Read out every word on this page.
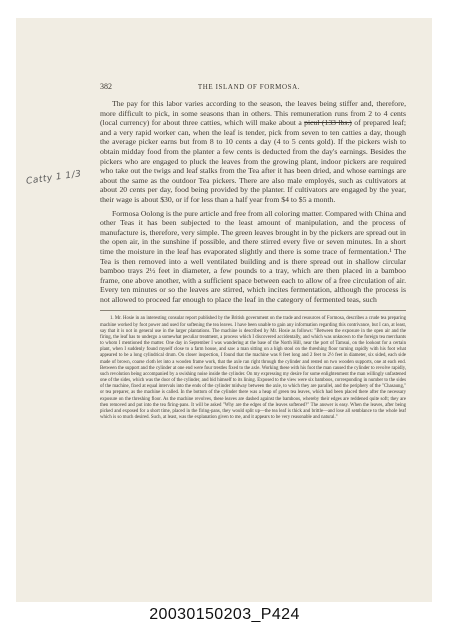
Catty 1 1/3
382	THE ISLAND OF FORMOSA.

The pay for this labor varies according to the season, the leaves being stiffer and, therefore, more difficult to pick, in some seasons than in others. This remuneration runs from 2 to 4 cents (local currency) for about three catties, which will make about a picul (133 lbs.) of prepared leaf; and a very rapid worker can, when the leaf is tender, pick from seven to ten catties a day, though the average picker earns but from 8 to 10 cents a day (4 to 5 cents gold). If the pickers wish to obtain midday food from the planter a few cents is deducted from the day's earnings. Besides the pickers who are engaged to pluck the leaves from the growing plant, indoor pickers are required who take out the twigs and leaf stalks from the Tea after it has been dried, and whose earnings are about the same as the outdoor Tea pickers. There are also male employés, such as cultivators at about 20 cents per day, food being provided by the planter. If cultivators are engaged by the year, their wage is about $30, or if for less than a half year from $4 to $5 a month.

Formosa Oolong is the pure article and free from all coloring matter. Compared with China and other Teas it has been subjected to the least amount of manipulation, and the process of manufacture is, therefore, very simple. The green leaves brought in by the pickers are spread out in the open air, in the sunshine if possible, and there stirred every five or seven minutes. In a short time the moisture in the leaf has evaporated slightly and there is some trace of fermentation.¹ The Tea is then removed into a well ventilated building and is there spread out in shallow circular bamboo trays 2½ feet in diameter, a few pounds to a tray, which are then placed in a bamboo frame, one above another, with a sufficient space between each to allow of a free circulation of air. Every ten minutes or so the leaves are stirred, which incites fermentation, although the process is not allowed to proceed far enough to place the leaf in the category of fermented teas, such

1. Mr. Hosie in an interesting consular report published by the British government on the trade and resources of Formosa, describes a crude tea preparing machine worked by foot power and used for softening the tea leaves. I have been unable to gain any information regarding this contrivance, but I can, at least, say that it is not in general use in the larger plantations. The machine is described by Mr. Hosie as follows: "Between the exposure in the open air and the firing, the leaf has to undergo a somewhat peculiar treatment, a process which I discovered accidentally, and which was unknown to the foreign tea merchants to whom I mentioned the matter. One day in September I was wandering at the base of the North Hill, near the port of Tamsui, on the lookout for a certain plant, when I suddenly found myself close to a farm house, and saw a man sitting on a high stool on the threshing floor turning rapidly with his foot what appeared to be a long cylindrical drum. On closer inspection, I found that the machine was 8 feet long and 2 feet to 2½ feet in diameter, six sided, each side made of brown, coarse cloth let into a wooden frame work, that the axle ran right through the cylinder and rested on two wooden supports, one at each end. Between the support and the cylinder at one end were four trestles fixed to the axle. Working these with his foot the man caused the cylinder to revolve rapidly, such revolution being accompanied by a swishing noise inside the cylinder. On my expressing my desire for some enlightenment the man willingly unfastened one of the sides, which was the door of the cylinder, and bid himself to its lining. Exposed to the view were six bamboos, corresponding in number to the sides of the machine, fixed at equal intervals into the ends of the cylinder midway between the axle, to which they are parallel, and the periphery of the "Chasaung," or tea preparer, as the machine is called. In the bottom of the cylinder there was a heap of green tea leaves, which had been placed there after the necessary exposure on the threshing floor. As the machine revolves, these leaves are dashed against the bamboos, whereby their edges are reddened quite soft; they are then removed and put into the tea firing-pans. It will be asked "Why are the edges of the leaves softened?" The answer is easy. When the leaves, after being picked and exposed for a short time, placed in the firing-pans, they would split up—the tea leaf is thick and brittle—and lose all semblance to the whole leaf which is so much desired. Such, at least, was the explanation given to me, and it appears to be very reasonable and natural."

20030150203_P424
